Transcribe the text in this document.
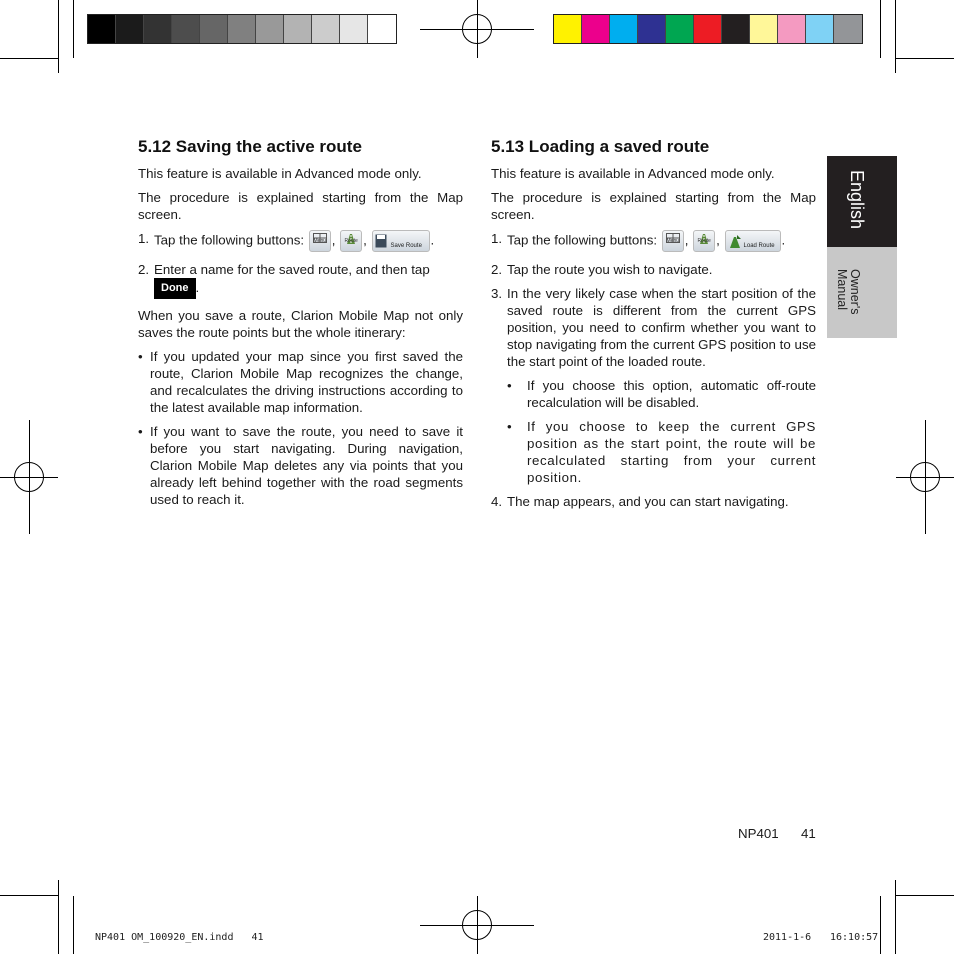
English
Owner's
Manual
5.12 Saving the active route

This feature is available in Advanced mode only.

The procedure is explained starting from the Map screen.

1. Tap the following buttons:	Menu ,	Route ,	Save Route .
2. Enter a name for the saved route, and then tap
Done .

When you save a route, Clarion Mobile Map not only saves the route points but the whole itinerary:

• If you updated your map since you first saved the route, Clarion Mobile Map recognizes the change, and recalculates the driving instructions according to the latest available map information.
• If you want to save the route, you need to save it before you start navigating. During navigation, Clarion Mobile Map deletes any via points that you already left behind together with the road segments used to reach it.
5.13 Loading a saved route

This feature is available in Advanced mode only.

The procedure is explained starting from the Map screen.

1. Tap the following buttons:	Menu ,	Route ,	Load Route .
2. Tap the route you wish to navigate.
3. In the very likely case when the start position of the saved route is different from the current GPS position, you need to confirm whether you want to stop navigating from the current GPS position to use the start point of the loaded route.
•	If you choose this option, automatic off-route recalculation will be disabled.
•	If you choose to keep the current GPS position as the start point, the route will be recalculated starting from your current position.
4. The map appears, and you can start navigating.
NP401 41
NP401 OM_100920_EN.indd   41	2011-1-6 16:10:57
